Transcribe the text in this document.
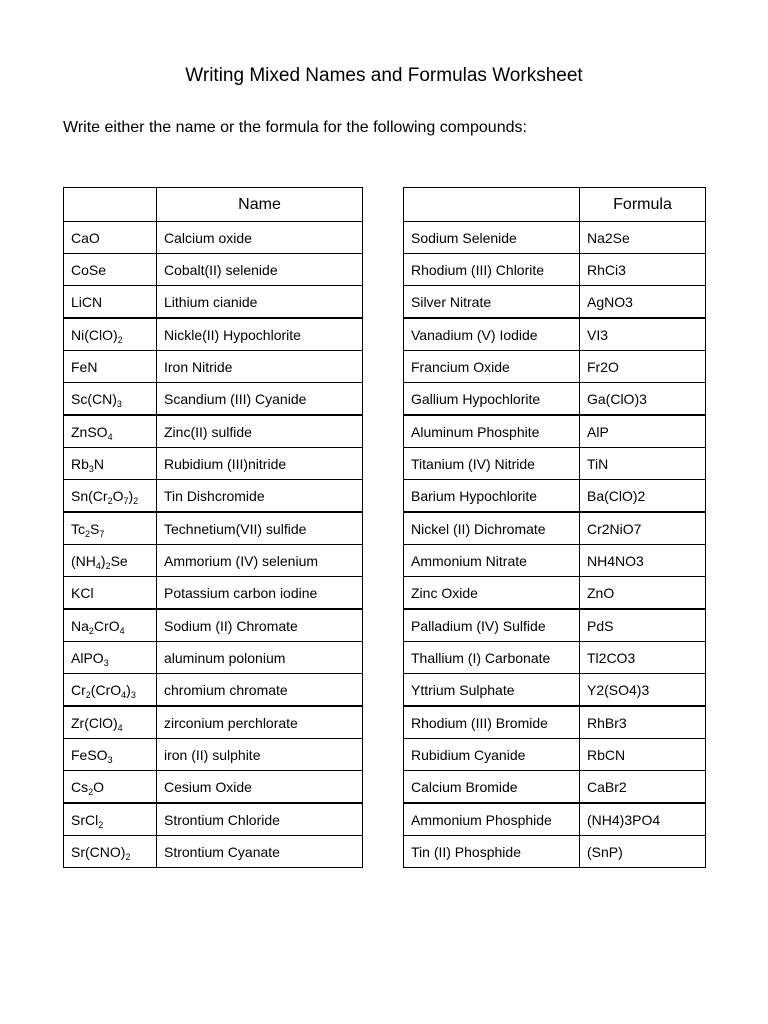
Writing Mixed Names and Formulas Worksheet
Write either the name or the formula for the following compounds:
	Name
CaO	Calcium oxide
CoSe	Cobalt(II) selenide
LiCN	Lithium cianide
$Ni(ClO)_2$	Nickle(II) Hypochlorite
FeN	Iron Nitride
$Sc(CN)_3$	Scandium (III) Cyanide
ZnSO$_4$	Zinc(II) sulfide
$Rb_3N$	Rubidium (III)nitride
$Sn(Cr_2O_7)_2$	Tin Dishcromide
$Tc_2S_7$	Technetium(VII) sulfide
$(NH_4)_2Se$	Ammorium (IV) selenium
KCl	Potassium carbon iodine
$Na_2CrO_4$	Sodium (II) Chromate
AlPO$_3$	aluminum polonium
$Cr_2(CrO_4)_3$	chromium chromate
$Zr(ClO)_4$	zirconium perchlorate
FeSO$_3$	iron (II) sulphite
$Cs_2O$	Cesium Oxide
SrCl$_2$	Strontium Chloride
$Sr(CNO)_2$	Strontium Cyanate
	Formula
Sodium Selenide	Na2Se
Rhodium (III) Chlorite	RhCi3
Silver Nitrate	AgNO3
Vanadium (V) Iodide	VI3
Francium Oxide	Fr2O
Gallium Hypochlorite	Ga(ClO)3
Aluminum Phosphite	AlP
Titanium (IV) Nitride	TiN
Barium Hypochlorite	Ba(ClO)2
Nickel (II) Dichromate	Cr2NiO7
Ammonium Nitrate	NH4NO3
Zinc Oxide	ZnO
Palladium (IV) Sulfide	PdS
Thallium (I) Carbonate	Tl2CO3
Yttrium Sulphate	Y2(SO4)3
Rhodium (III) Bromide	RhBr3
Rubidium Cyanide	RbCN
Calcium Bromide	CaBr2
Ammonium Phosphide	(NH4)3PO4
Tin (II) Phosphide	(SnP)
